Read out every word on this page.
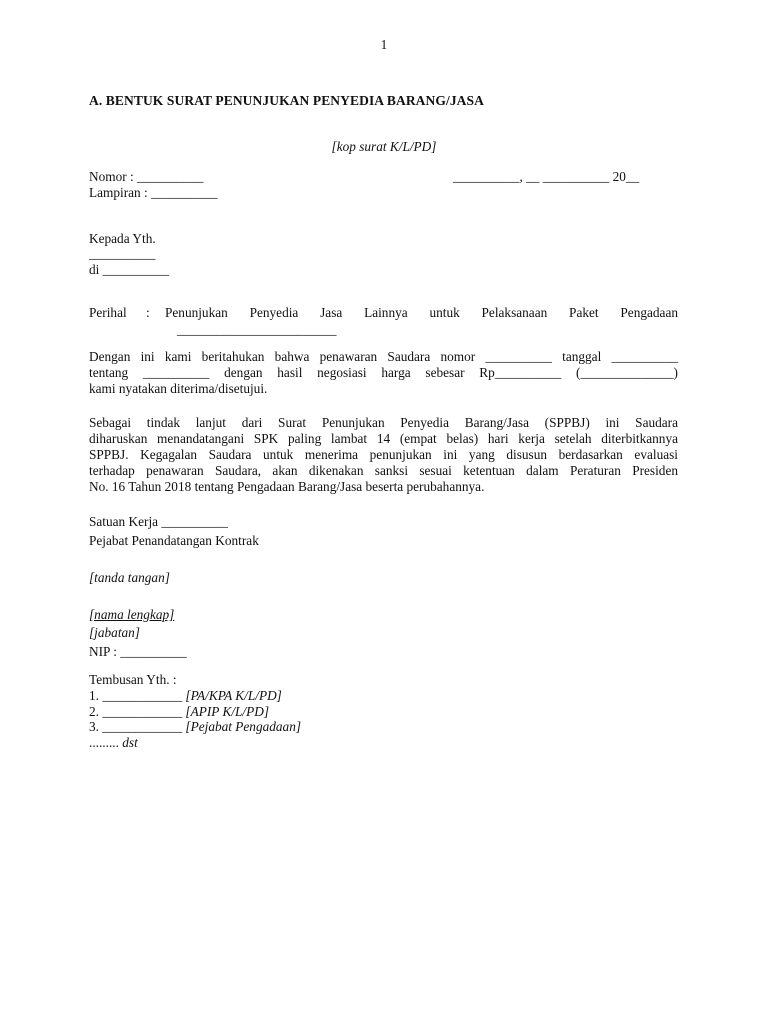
1
A. BENTUK SURAT PENUNJUKAN PENYEDIA BARANG/JASA
[kop surat K/L/PD]
Nomor : __________
Lampiran : __________
__________, __ __________ 20__
Kepada Yth.
__________
di __________
Perihal : Penunjukan Penyedia Jasa Lainnya untuk Pelaksanaan Paket Pengadaan
________________________
Dengan ini kami beritahukan bahwa penawaran Saudara nomor __________ tanggal __________
tentang __________ dengan hasil negosiasi harga sebesar Rp__________ (______________)
kami nyatakan diterima/disetujui.
Sebagai tindak lanjut dari Surat Penunjukan Penyedia Barang/Jasa (SPPBJ) ini Saudara
diharuskan menandatangani SPK paling lambat 14 (empat belas) hari kerja setelah diterbitkannya
SPPBJ. Kegagalan Saudara untuk menerima penunjukan ini yang disusun berdasarkan evaluasi
terhadap penawaran Saudara, akan dikenakan sanksi sesuai ketentuan dalam Peraturan Presiden
No. 16 Tahun 2018 tentang Pengadaan Barang/Jasa beserta perubahannya.
Satuan Kerja __________
Pejabat Penandatangan Kontrak
[tanda tangan]
[nama lengkap]
[jabatan]
NIP : __________
Tembusan Yth. :
1. ____________ [PA/KPA K/L/PD]
2. ____________ [APIP K/L/PD]
3. ____________ [Pejabat Pengadaan]
......... dst
